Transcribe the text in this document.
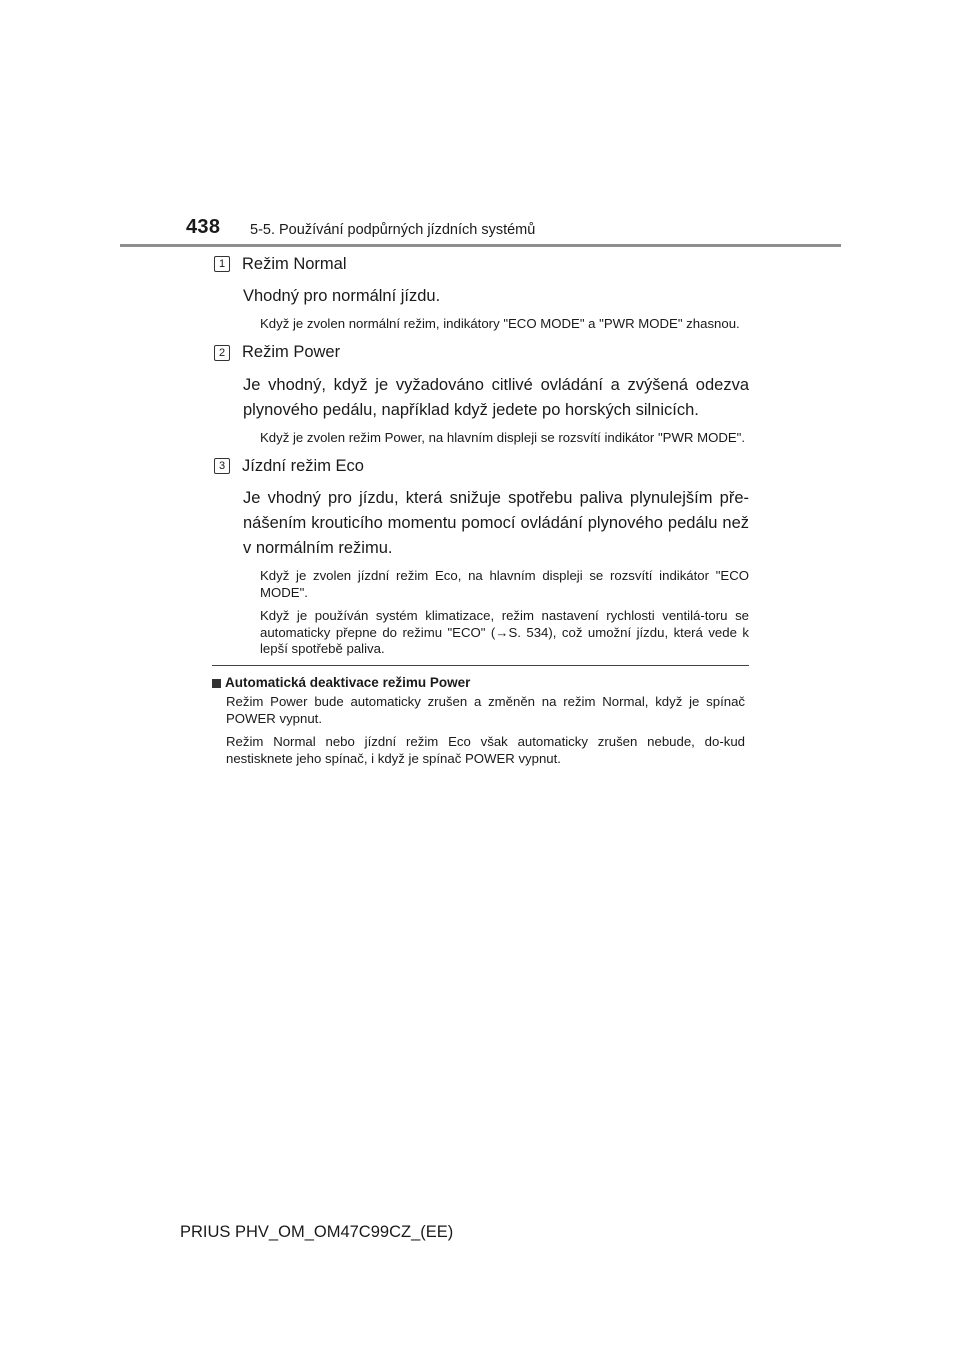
438 5-5. Používání podpůrných jízdních systémů
1 Režim Normal
Vhodný pro normální jízdu.
Když je zvolen normální režim, indikátory "ECO MODE" a "PWR MODE" zhasnou.
2 Režim Power
Je vhodný, když je vyžadováno citlivé ovládání a zvýšená odezva plynového pedálu, například když jedete po horských silnicích.
Když je zvolen režim Power, na hlavním displeji se rozsvítí indikátor "PWR MODE".
3 Jízdní režim Eco
Je vhodný pro jízdu, která snižuje spotřebu paliva plynulejším pře-nášením krouticího momentu pomocí ovládání plynového pedálu než v normálním režimu.
Když je zvolen jízdní režim Eco, na hlavním displeji se rozsvítí indikátor "ECO MODE".
Když je používán systém klimatizace, režim nastavení rychlosti ventilá-toru se automaticky přepne do režimu "ECO" (→S. 534), což umožní jízdu, která vede k lepší spotřebě paliva.
Automatická deaktivace režimu Power
Režim Power bude automaticky zrušen a změněn na režim Normal, když je spínač POWER vypnut.
Režim Normal nebo jízdní režim Eco však automaticky zrušen nebude, do-kud nestisknete jeho spínač, i když je spínač POWER vypnut.
PRIUS PHV_OM_OM47C99CZ_(EE)
